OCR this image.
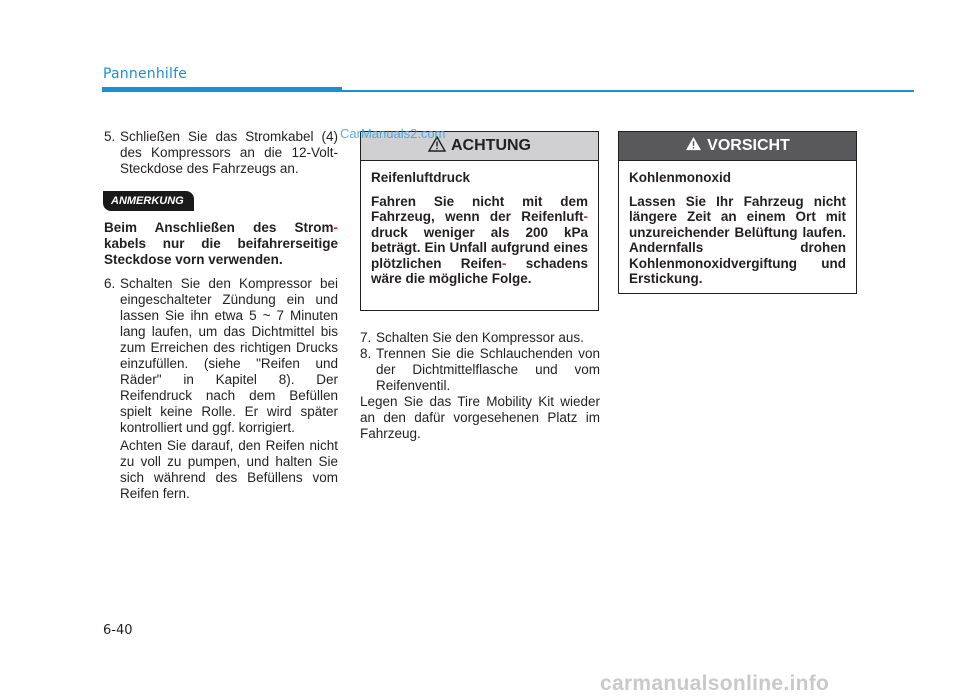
Pannenhilfe
5. Schließen Sie das Stromkabel (4) des Kompressors an die 12-Volt-Steckdose des Fahrzeugs an.
ANMERKUNG

Beim Anschließen des Strom- kabels nur die beifahrerseitige Steckdose vorn verwenden.

6. Schalten Sie den Kompressor bei eingeschalteter Zündung ein und lassen Sie ihn etwa 5 ~ 7 Minuten lang laufen, um das Dichtmittel bis zum Erreichen des richtigen Drucks einzufüllen. (siehe "Reifen und Räder" in Kapitel 8). Der Reifendruck nach dem Befüllen spielt keine Rolle. Er wird später kontrolliert und ggf. korrigiert.

Achten Sie darauf, den Reifen nicht zu voll zu pumpen, und halten Sie sich während des Befüllens vom Reifen fern.

ACHTUNG

Reifenluftdruck

Fahren Sie nicht mit dem Fahrzeug, wenn der Reifenluft- druck weniger als 200 kPa beträgt. Ein Unfall aufgrund eines plötzlichen Reifen- schadens wäre die mögliche Folge.

7. Schalten Sie den Kompressor aus.
8. Trennen Sie die Schlauchenden von der Dichtmittelflasche und vom Reifenventil.

Legen Sie das Tire Mobility Kit wieder an den dafür vorgesehenen Platz im Fahrzeug.

VORSICHT

Kohlenmonoxid

Lassen Sie Ihr Fahrzeug nicht längere Zeit an einem Ort mit unzureichender Belüftung laufen. Andernfalls drohen Kohlenmonoxidvergiftung und Erstickung.

6-40
CarManuals2.com
carmanualsonline.info
